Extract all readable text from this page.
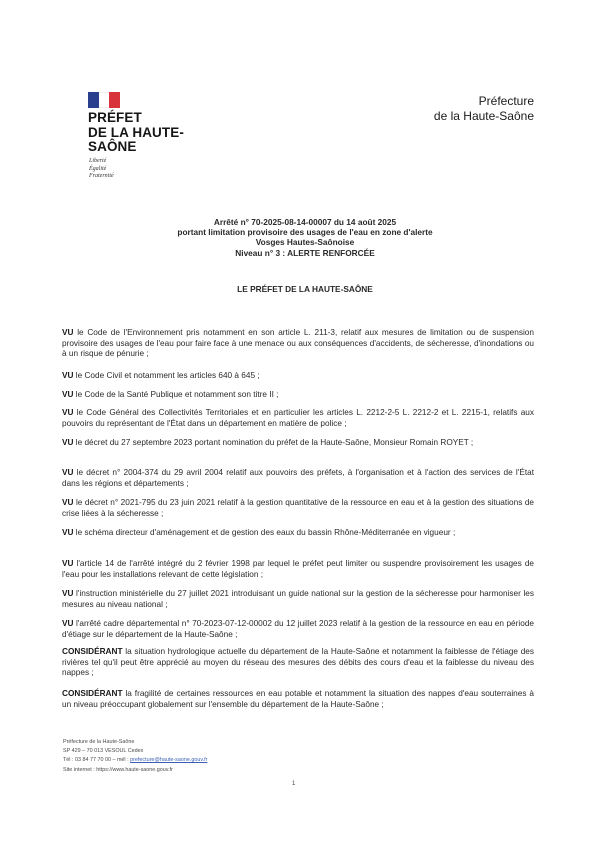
PRÉFET
DE LA HAUTE-
SAÔNE
Liberté
Égalité
Fraternité
Préfecture
de la Haute-Saône
Arrêté n° 70-2025-08-14-00007 du 14 août 2025
portant limitation provisoire des usages de l'eau en zone d'alerte
Vosges Hautes-Saônoise
Niveau n° 3 : ALERTE RENFORCÉE
LE PRÉFET DE LA HAUTE-SAÔNE
VU le Code de l'Environnement pris notamment en son article L. 211-3, relatif aux mesures de limitation ou de suspension provisoire des usages de l'eau pour faire face à une menace ou aux conséquences d'accidents, de sécheresse, d'inondations ou à un risque de pénurie ;
VU le Code Civil et notamment les articles 640 à 645 ;
VU le Code de la Santé Publique et notamment son titre II ;
VU le Code Général des Collectivités Territoriales et en particulier les articles L. 2212-2-5 L. 2212-2 et L. 2215-1, relatifs aux pouvoirs du représentant de l'État dans un département en matière de police ;
VU le décret du 27 septembre 2023 portant nomination du préfet de la Haute-Saône, Monsieur Romain ROYET ;
VU le décret n° 2004-374 du 29 avril 2004 relatif aux pouvoirs des préfets, à l'organisation et à l'action des services de l'État dans les régions et départements ;
VU le décret n° 2021-795 du 23 juin 2021 relatif à la gestion quantitative de la ressource en eau et à la gestion des situations de crise liées à la sécheresse ;
VU le schéma directeur d'aménagement et de gestion des eaux du bassin Rhône-Méditerranée en vigueur ;
VU l'article 14 de l'arrêté intégré du 2 février 1998 par lequel le préfet peut limiter ou suspendre provisoirement les usages de l'eau pour les installations relevant de cette législation ;
VU l'instruction ministérielle du 27 juillet 2021 introduisant un guide national sur la gestion de la sécheresse pour harmoniser les mesures au niveau national ;
VU l'arrêté cadre départemental n° 70-2023-07-12-00002 du 12 juillet 2023 relatif à la gestion de la ressource en eau en période d'étiage sur le département de la Haute-Saône ;
CONSIDÉRANT la situation hydrologique actuelle du département de la Haute-Saône et notamment la faiblesse de l'étiage des rivières tel qu'il peut être apprécié au moyen du réseau des mesures des débits des cours d'eau et la faiblesse du niveau des nappes ;
CONSIDÉRANT la fragilité de certaines ressources en eau potable et notamment la situation des nappes d'eau souterraines à un niveau préoccupant globalement sur l'ensemble du département de la Haute-Saône ;
Préfecture de la Haute-Saône
SP 429 – 70 013 VESOUL Cedex
Tél : 03 84 77 70 00 – mél : prefecture@haute-saone.gouv.fr
Site internet : https://www.haute-saone.gouv.fr
1
